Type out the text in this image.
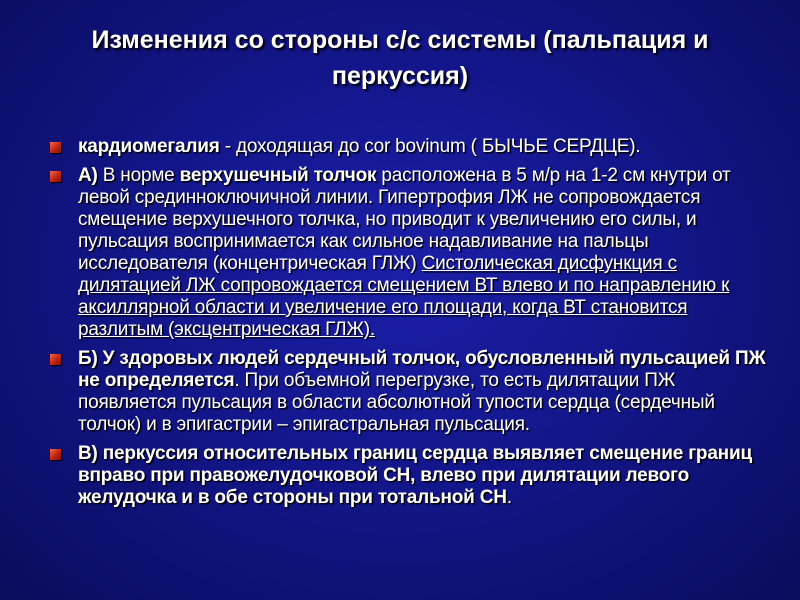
Изменения со стороны с/с системы (пальпация и перкуссия)
кардиомегалия - доходящая до cor bovinum ( БЫЧЬЕ СЕРДЦЕ).
А) В норме верхушечный толчок расположена в 5 м/р на 1-2 см кнутри от левой срединноключичной линии. Гипертрофия ЛЖ не сопровождается смещение верхушечного толчка, но приводит к увеличению его силы, и пульсация воспринимается как сильное надавливание на пальцы исследователя (концентрическая ГЛЖ) Систолическая дисфункция с дилятацией ЛЖ сопровождается смещением ВТ влево и по направлению к аксиллярной области и увеличение его площади, когда ВТ становится разлитым (эксцентрическая ГЛЖ).
Б) У здоровых людей сердечный толчок, обусловленный пульсацией ПЖ не определяется. При объемной перегрузке, то есть дилятации ПЖ появляется пульсация в области абсолютной тупости сердца (сердечный толчок) и в эпигастрии – эпигастральная пульсация.
В) перкуссия относительных границ сердца выявляет смещение границ вправо при правожелудочковой СН, влево при дилятации левого желудочка и в обе стороны при тотальной СН.
